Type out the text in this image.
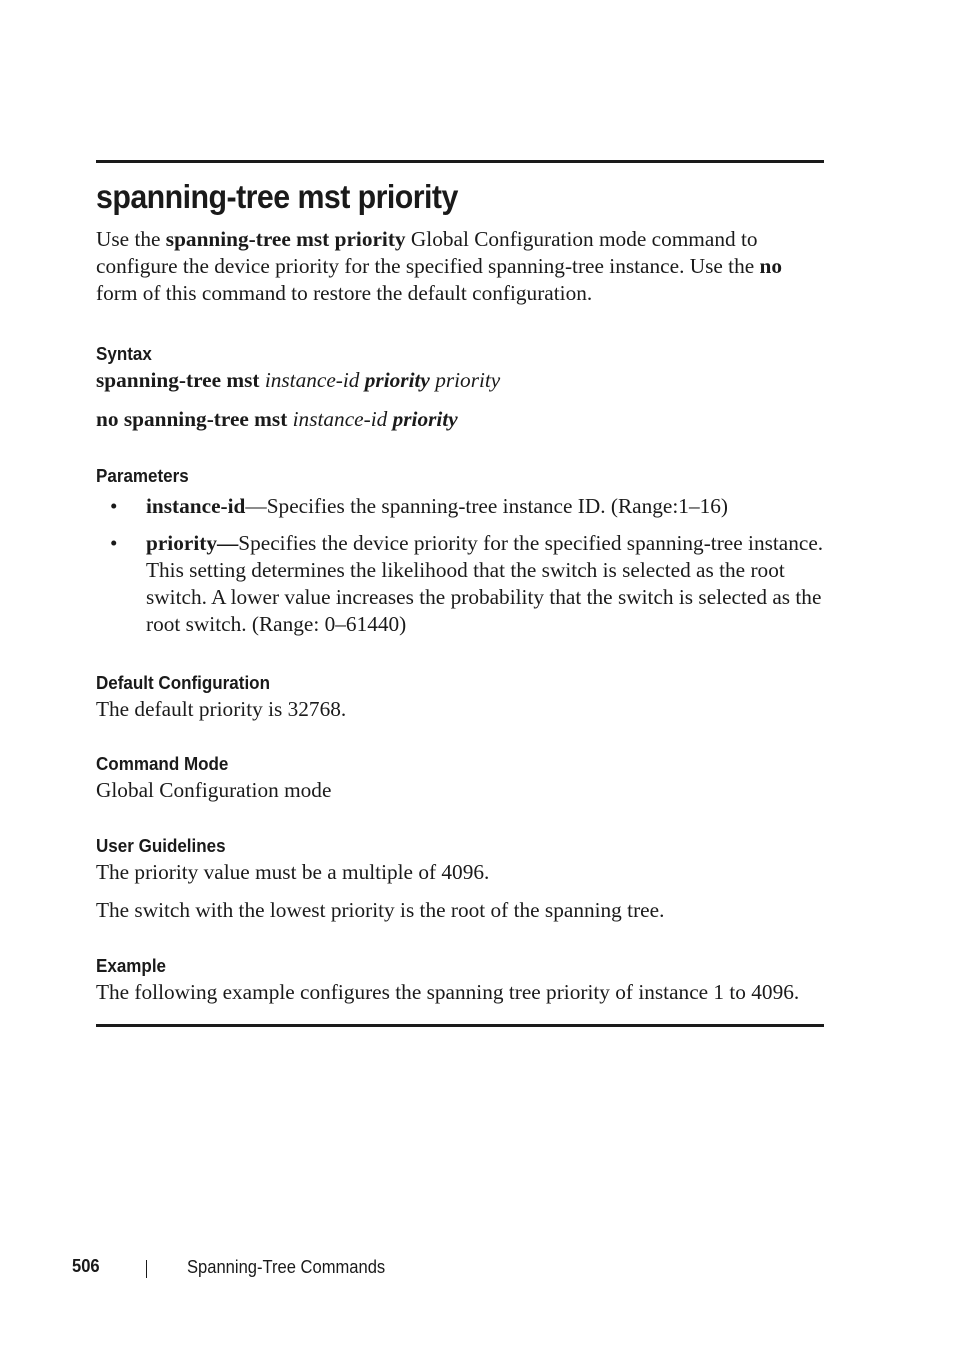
spanning-tree mst priority

Use the spanning-tree mst priority Global Configuration mode command to configure the device priority for the specified spanning-tree instance. Use the no form of this command to restore the default configuration.

Syntax

spanning-tree mst instance-id priority priority

no spanning-tree mst instance-id priority

Parameters
• instance-id—Specifies the spanning-tree instance ID. (Range:1–16)
• priority—Specifies the device priority for the specified spanning-tree instance. This setting determines the likelihood that the switch is selected as the root switch. A lower value increases the probability that the switch is selected as the root switch. (Range: 0–61440)
Default Configuration

The default priority is 32768.

Command Mode

Global Configuration mode

User Guidelines

The priority value must be a multiple of 4096.

The switch with the lowest priority is the root of the spanning tree.

Example

The following example configures the spanning tree priority of instance 1 to 4096.

506	Spanning-Tree Commands
